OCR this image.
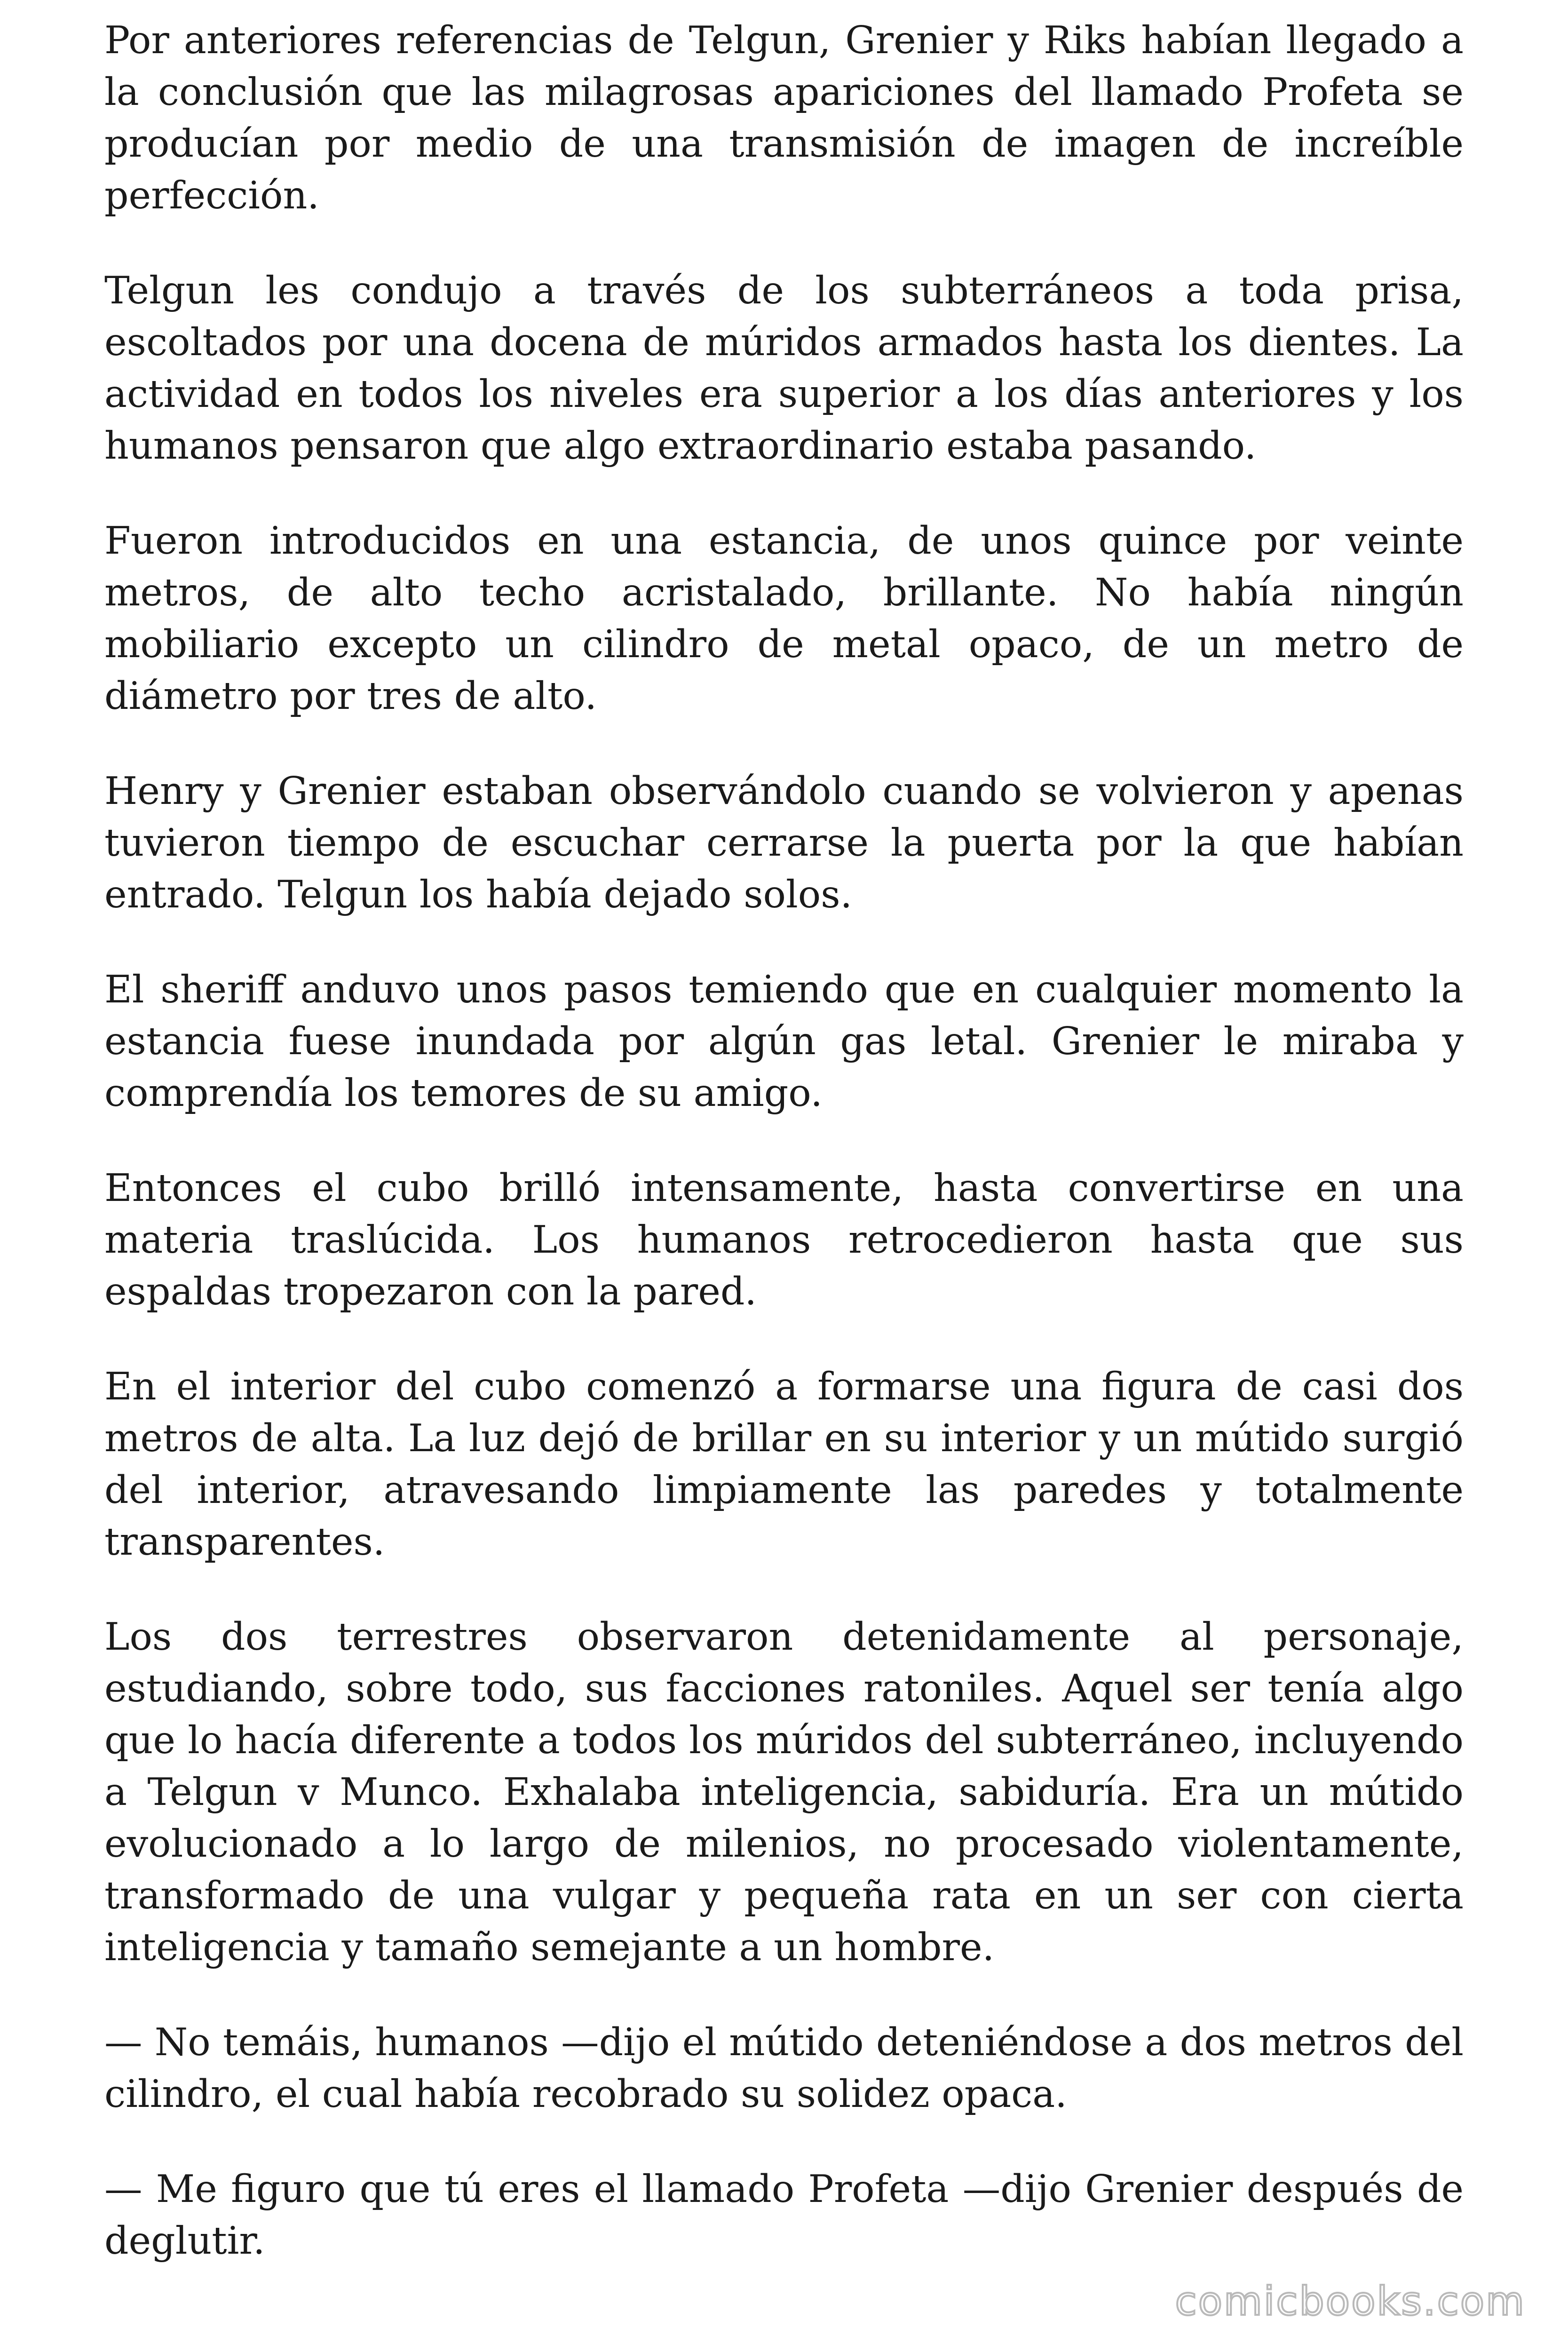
Por anteriores referencias de Telgun, Grenier y Riks habían llegado a la conclusión que las milagrosas apariciones del llamado Profeta se producían por medio de una transmisión de imagen de increíble perfección.

Telgun les condujo a través de los subterráneos a toda prisa, escoltados por una docena de múridos armados hasta los dientes. La actividad en todos los niveles era superior a los días anteriores y los humanos pensaron que algo extraordinario estaba pasando.

Fueron introducidos en una estancia, de unos quince por veinte metros, de alto techo acristalado, brillante. No había ningún mobiliario excepto un cilindro de metal opaco, de un metro de diámetro por tres de alto.

Henry y Grenier estaban observándolo cuando se volvieron y apenas tuvieron tiempo de escuchar cerrarse la puerta por la que habían entrado. Telgun los había dejado solos.

El sheriff anduvo unos pasos temiendo que en cualquier momento la estancia fuese inundada por algún gas letal. Grenier le miraba y comprendía los temores de su amigo.

Entonces el cubo brilló intensamente, hasta convertirse en una materia traslúcida. Los humanos retrocedieron hasta que sus espaldas tropezaron con la pared.

En el interior del cubo comenzó a formarse una figura de casi dos metros de alta. La luz dejó de brillar en su interior y un mútido surgió del interior, atravesando limpiamente las paredes y totalmente transparentes.

Los dos terrestres observaron detenidamente al personaje, estudiando, sobre todo, sus facciones ratoniles. Aquel ser tenía algo que lo hacía diferente a todos los múridos del subterráneo, incluyendo a Telgun v Munco. Exhalaba inteligencia, sabiduría. Era un mútido evolucionado a lo largo de milenios, no procesado violentamente, transformado de una vulgar y pequeña rata en un ser con cierta inteligencia y tamaño semejante a un hombre.

— No temáis, humanos —dijo el mútido deteniéndose a dos metros del cilindro, el cual había recobrado su solidez opaca.

— Me figuro que tú eres el llamado Profeta —dijo Grenier después de deglutir.

comicbooks.com
